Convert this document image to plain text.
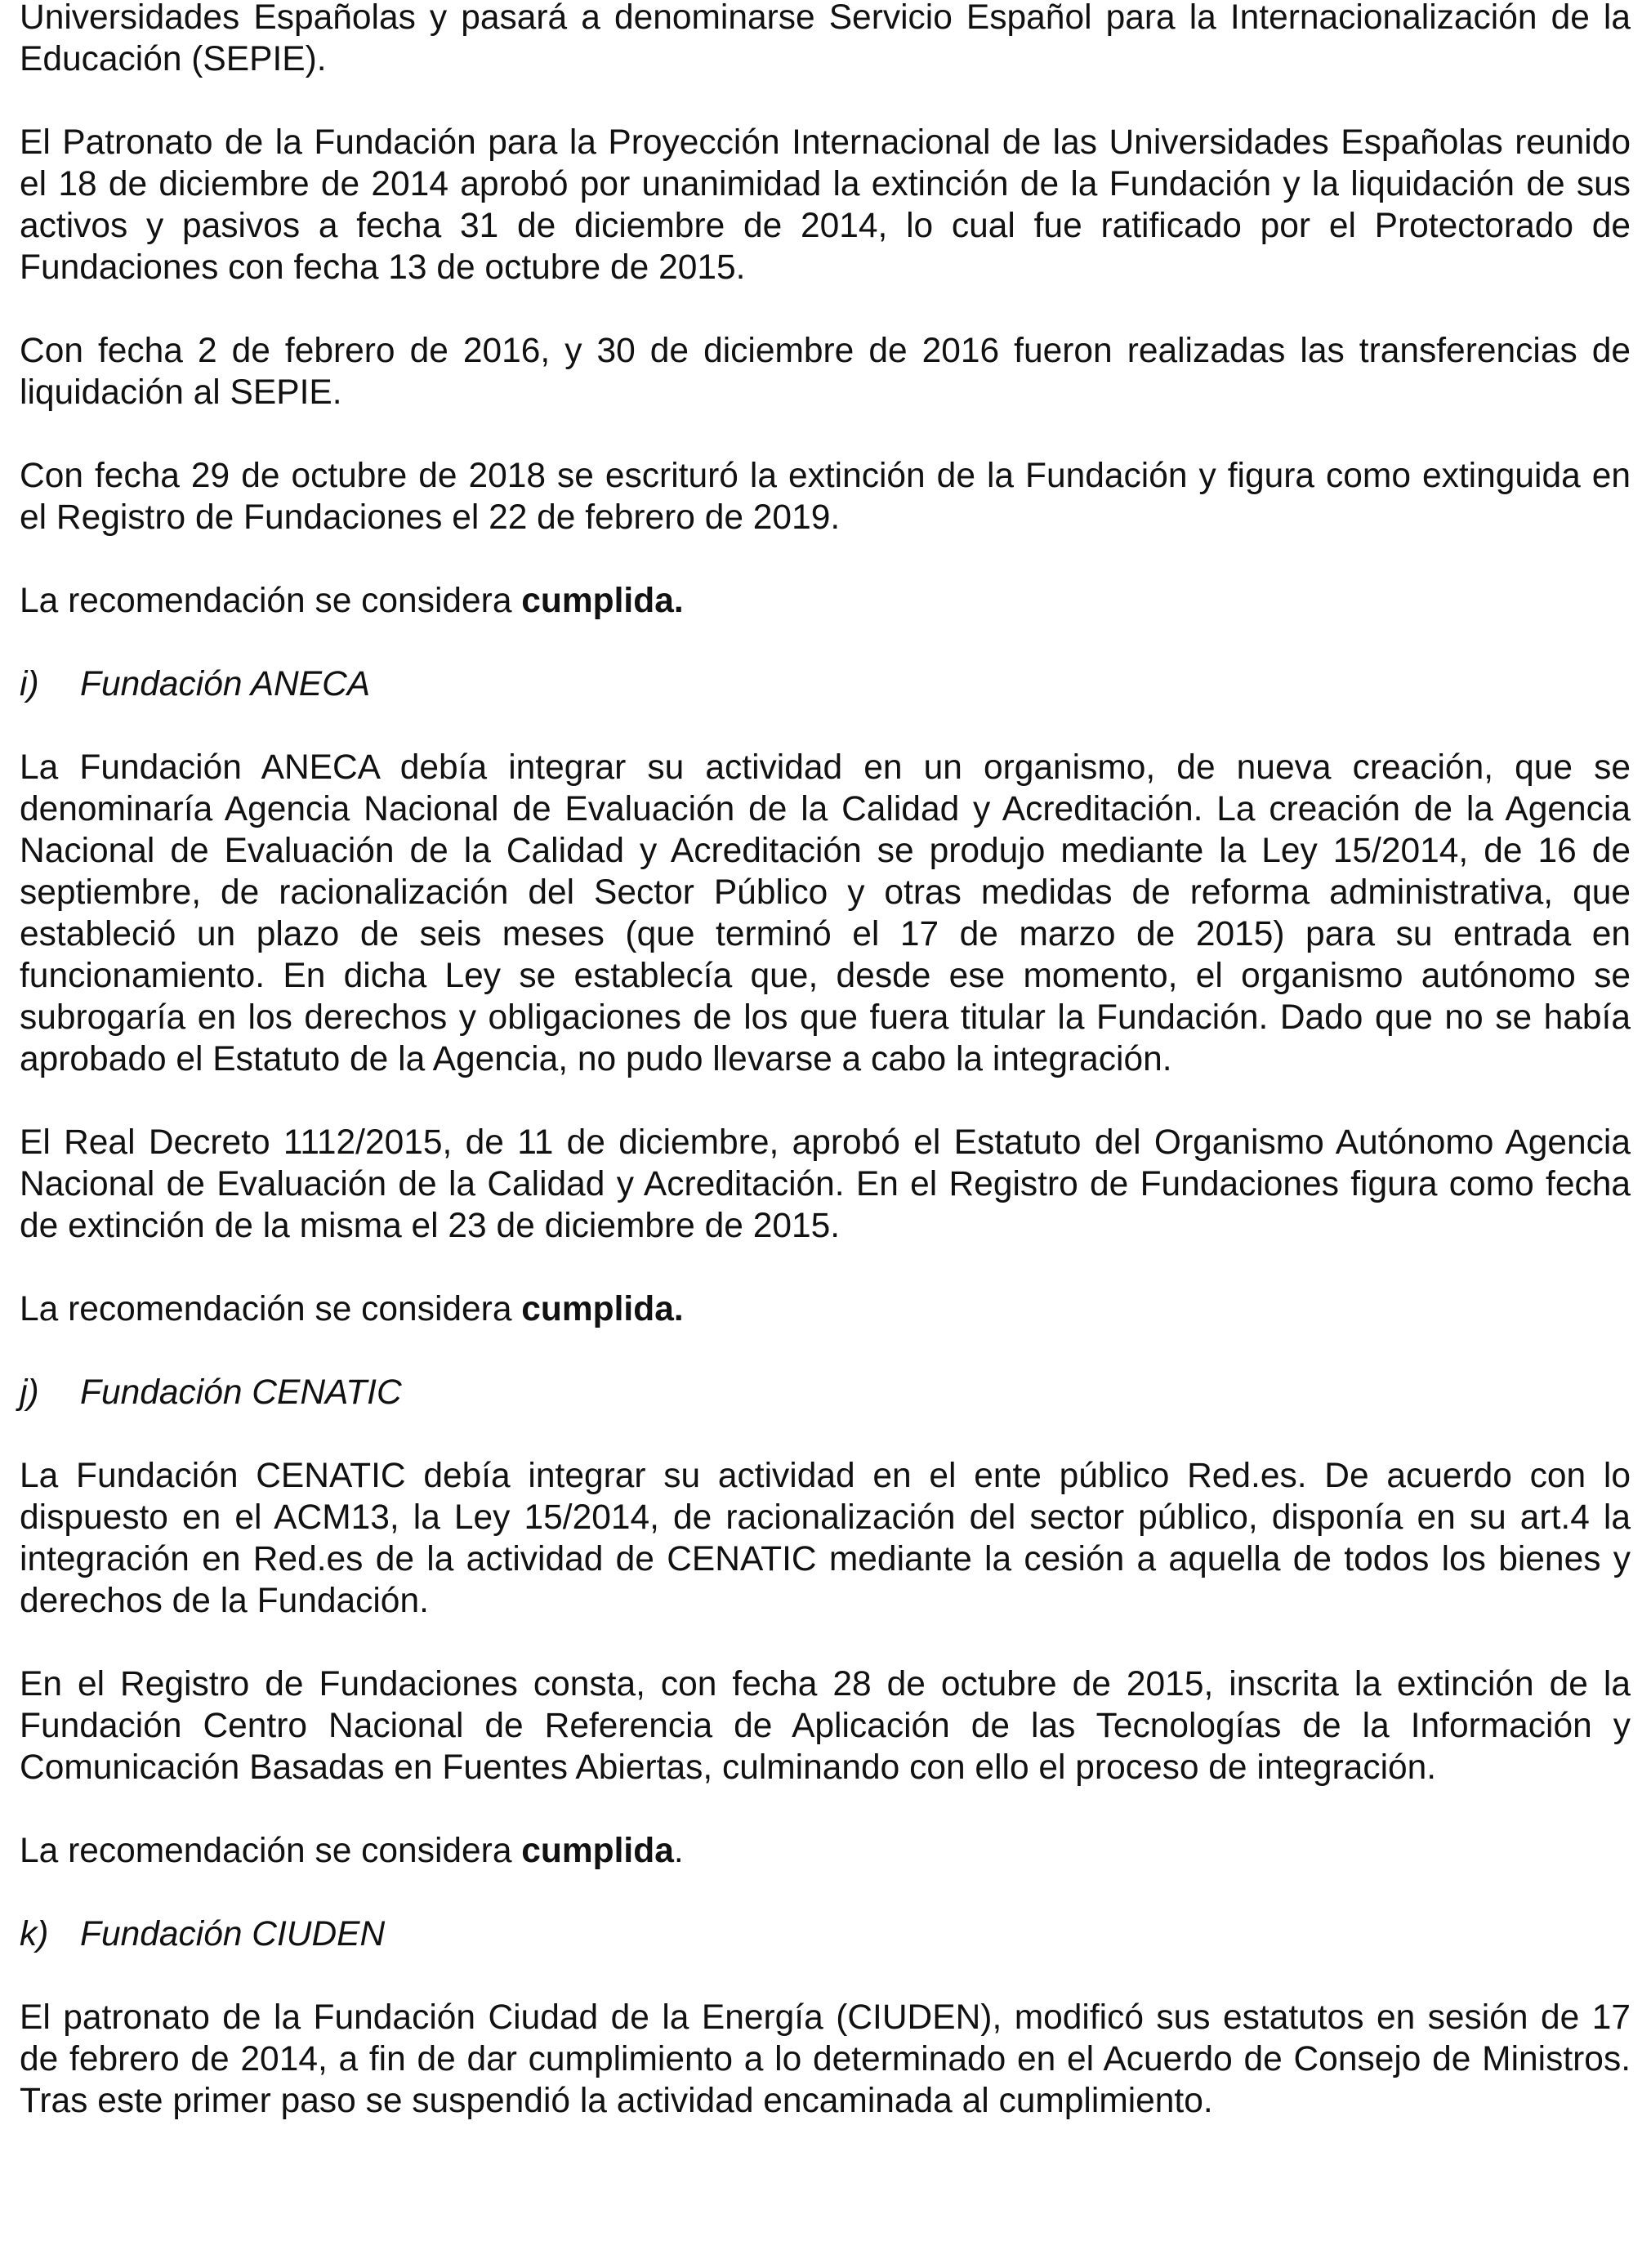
Universidades Españolas y pasará a denominarse Servicio Español para la Internacionalización de la Educación (SEPIE).

El Patronato de la Fundación para la Proyección Internacional de las Universidades Españolas reunido el 18 de diciembre de 2014 aprobó por unanimidad la extinción de la Fundación y la liquidación de sus activos y pasivos a fecha 31 de diciembre de 2014, lo cual fue ratificado por el Protectorado de Fundaciones con fecha 13 de octubre de 2015.

Con fecha 2 de febrero de 2016, y 30 de diciembre de 2016 fueron realizadas las transferencias de liquidación al SEPIE.

Con fecha 29 de octubre de 2018 se escrituró la extinción de la Fundación y figura como extinguida en el Registro de Fundaciones el 22 de febrero de 2019.

La recomendación se considera cumplida.

i)	Fundación ANECA

La Fundación ANECA debía integrar su actividad en un organismo, de nueva creación, que se denominaría Agencia Nacional de Evaluación de la Calidad y Acreditación. La creación de la Agencia Nacional de Evaluación de la Calidad y Acreditación se produjo mediante la Ley 15/2014, de 16 de septiembre, de racionalización del Sector Público y otras medidas de reforma administrativa, que estableció un plazo de seis meses (que terminó el 17 de marzo de 2015) para su entrada en funcionamiento. En dicha Ley se establecía que, desde ese momento, el organismo autónomo se subrogaría en los derechos y obligaciones de los que fuera titular la Fundación. Dado que no se había aprobado el Estatuto de la Agencia, no pudo llevarse a cabo la integración.

El Real Decreto 1112/2015, de 11 de diciembre, aprobó el Estatuto del Organismo Autónomo Agencia Nacional de Evaluación de la Calidad y Acreditación. En el Registro de Fundaciones figura como fecha de extinción de la misma el 23 de diciembre de 2015.

La recomendación se considera cumplida.

j)	Fundación CENATIC

La Fundación CENATIC debía integrar su actividad en el ente público Red.es. De acuerdo con lo dispuesto en el ACM13, la Ley 15/2014, de racionalización del sector público, disponía en su art.4 la integración en Red.es de la actividad de CENATIC mediante la cesión a aquella de todos los bienes y derechos de la Fundación.

En el Registro de Fundaciones consta, con fecha 28 de octubre de 2015, inscrita la extinción de la Fundación Centro Nacional de Referencia de Aplicación de las Tecnologías de la Información y Comunicación Basadas en Fuentes Abiertas, culminando con ello el proceso de integración.

La recomendación se considera cumplida.

k) Fundación CIUDEN

El patronato de la Fundación Ciudad de la Energía (CIUDEN), modificó sus estatutos en sesión de 17 de febrero de 2014, a fin de dar cumplimiento a lo determinado en el Acuerdo de Consejo de Ministros. Tras este primer paso se suspendió la actividad encaminada al cumplimiento.
